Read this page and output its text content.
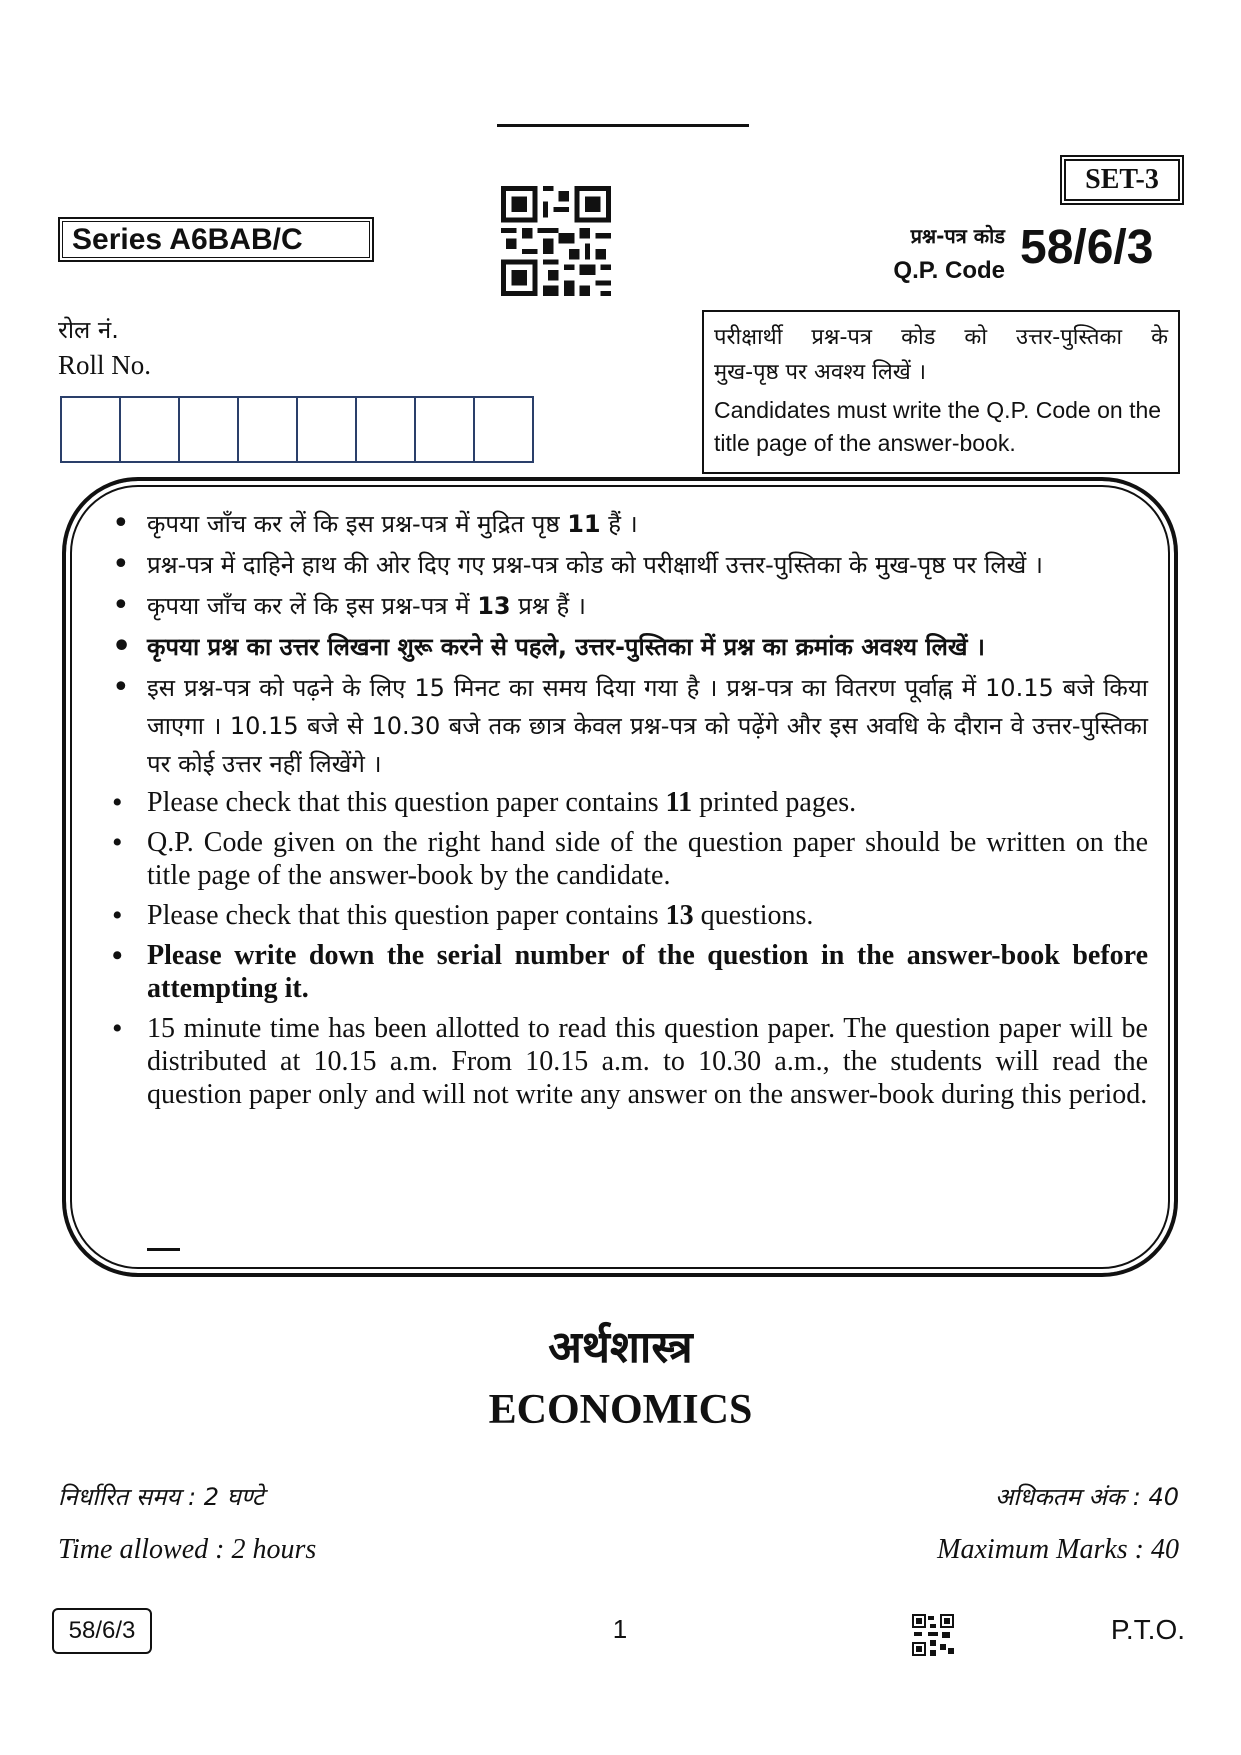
SET-3
Series A6BAB/C	प्रश्न-पत्र कोड
Q.P. Code 58/6/3
रोल नं.
Roll No.
परीक्षार्थी प्रश्न-पत्र कोड को उत्तर-पुस्तिका के
मुख-पृष्ठ पर अवश्य लिखें ।
Candidates must write the Q.P. Code on the title page of the answer-book.
• कृपया जाँच कर लें कि इस प्रश्न-पत्र में मुद्रित पृष्ठ 11 हैं ।
• प्रश्न-पत्र में दाहिने हाथ की ओर दिए गए प्रश्न-पत्र कोड को परीक्षार्थी उत्तर-पुस्तिका के मुख-पृष्ठ पर लिखें ।
• कृपया जाँच कर लें कि इस प्रश्न-पत्र में 13 प्रश्न हैं ।
• कृपया प्रश्न का उत्तर लिखना शुरू करने से पहले, उत्तर-पुस्तिका में प्रश्न का क्रमांक अवश्य लिखें ।
• इस प्रश्न-पत्र को पढ़ने के लिए 15 मिनट का समय दिया गया है । प्रश्न-पत्र का वितरण पूर्वाह्न में 10.15 बजे किया जाएगा । 10.15 बजे से 10.30 बजे तक छात्र केवल प्रश्न-पत्र को पढ़ेंगे और इस अवधि के दौरान वे उत्तर-पुस्तिका पर कोई उत्तर नहीं लिखेंगे ।
• Please check that this question paper contains 11 printed pages.
• Q.P. Code given on the right hand side of the question paper should be written on the title page of the answer-book by the candidate.
• Please check that this question paper contains 13 questions.
• Please write down the serial number of the question in the answer-book before attempting it.
• 15 minute time has been allotted to read this question paper. The question paper will be distributed at 10.15 a.m. From 10.15 a.m. to 10.30 a.m., the students will read the question paper only and will not write any answer on the answer-book during this period.
अर्थशास्त्र
ECONOMICS
निर्धारित समय : 2 घण्टे
Time allowed : 2 hours
अधिकतम अंक : 40
Maximum Marks : 40
58/6/3	1	P.T.O.
